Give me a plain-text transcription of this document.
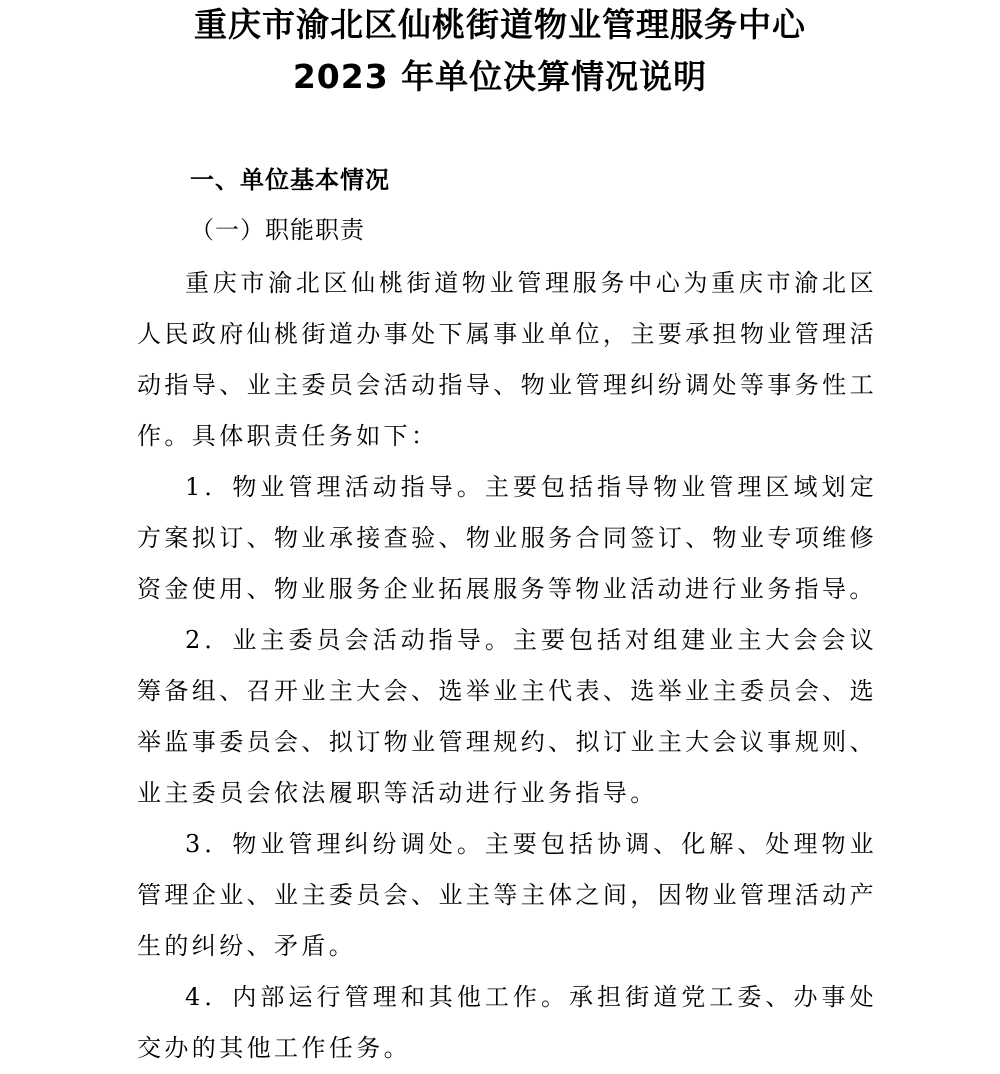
重庆市渝北区仙桃街道物业管理服务中心
2023 年单位决算情况说明
一、单位基本情况
（一）职能职责

重庆市渝北区仙桃街道物业管理服务中心为重庆市渝北区人民政府仙桃街道办事处下属事业单位，主要承担物业管理活动指导、业主委员会活动指导、物业管理纠纷调处等事务性工作。具体职责任务如下：

1．物业管理活动指导。主要包括指导物业管理区域划定方案拟订、物业承接查验、物业服务合同签订、物业专项维修资金使用、物业服务企业拓展服务等物业活动进行业务指导。

2．业主委员会活动指导。主要包括对组建业主大会会议筹备组、召开业主大会、选举业主代表、选举业主委员会、选举监事委员会、拟订物业管理规约、拟订业主大会议事规则、业主委员会依法履职等活动进行业务指导。

3．物业管理纠纷调处。主要包括协调、化解、处理物业管理企业、业主委员会、业主等主体之间，因物业管理活动产生的纠纷、矛盾。

4．内部运行管理和其他工作。承担街道党工委、办事处交办的其他工作任务。
